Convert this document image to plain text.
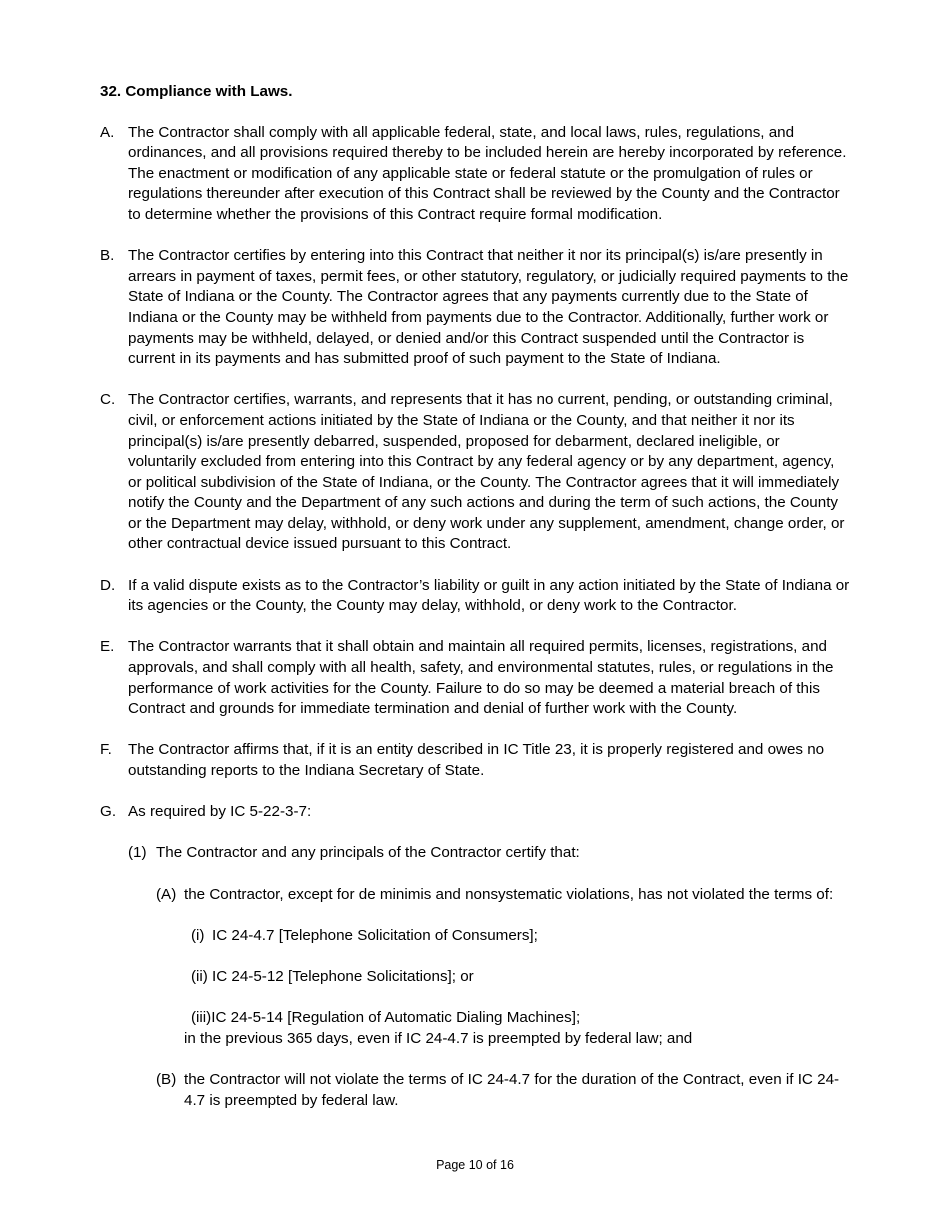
32. Compliance with Laws.
A. The Contractor shall comply with all applicable federal, state, and local laws, rules, regulations, and ordinances, and all provisions required thereby to be included herein are hereby incorporated by reference. The enactment or modification of any applicable state or federal statute or the promulgation of rules or regulations thereunder after execution of this Contract shall be reviewed by the County and the Contractor to determine whether the provisions of this Contract require formal modification.
B. The Contractor certifies by entering into this Contract that neither it nor its principal(s) is/are presently in arrears in payment of taxes, permit fees, or other statutory, regulatory, or judicially required payments to the State of Indiana or the County. The Contractor agrees that any payments currently due to the State of Indiana or the County may be withheld from payments due to the Contractor. Additionally, further work or payments may be withheld, delayed, or denied and/or this Contract suspended until the Contractor is current in its payments and has submitted proof of such payment to the State of Indiana.
C. The Contractor certifies, warrants, and represents that it has no current, pending, or outstanding criminal, civil, or enforcement actions initiated by the State of Indiana or the County, and that neither it nor its principal(s) is/are presently debarred, suspended, proposed for debarment, declared ineligible, or voluntarily excluded from entering into this Contract by any federal agency or by any department, agency, or political subdivision of the State of Indiana, or the County. The Contractor agrees that it will immediately notify the County and the Department of any such actions and during the term of such actions, the County or the Department may delay, withhold, or deny work under any supplement, amendment, change order, or other contractual device issued pursuant to this Contract.
D. If a valid dispute exists as to the Contractor’s liability or guilt in any action initiated by the State of Indiana or its agencies or the County, the County may delay, withhold, or deny work to the Contractor.
E. The Contractor warrants that it shall obtain and maintain all required permits, licenses, registrations, and approvals, and shall comply with all health, safety, and environmental statutes, rules, or regulations in the performance of work activities for the County. Failure to do so may be deemed a material breach of this Contract and grounds for immediate termination and denial of further work with the County.
F.	The Contractor affirms that, if it is an entity described in IC Title 23, it is properly registered and owes no outstanding reports to the Indiana Secretary of State.
G. As required by IC 5-22-3-7:
(1) The Contractor and any principals of the Contractor certify that:
(A) the Contractor, except for de minimis and nonsystematic violations, has not violated the terms of:
(i) IC 24-4.7 [Telephone Solicitation of Consumers];
(ii) IC 24-5-12 [Telephone Solicitations]; or
(iii) IC 24-5-14 [Regulation of Automatic Dialing Machines];
in the previous 365 days, even if IC 24-4.7 is preempted by federal law; and
(B) the Contractor will not violate the terms of IC 24-4.7 for the duration of the Contract, even if IC 24-4.7 is preempted by federal law.
Page 10 of 16
